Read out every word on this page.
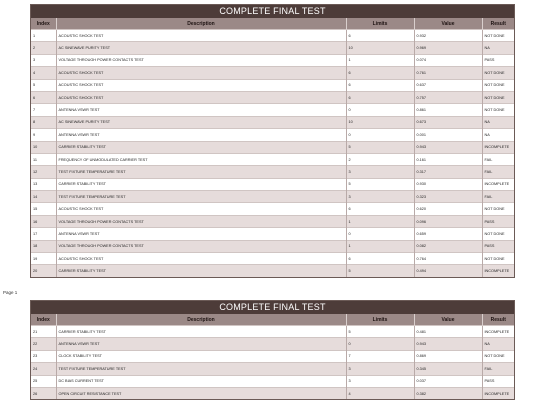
COMPLETE FINAL TEST
Index	Description	Limits	Value	Result
1	ACOUSTIC SHOCK TEST	6	0.932	NOT DONE
2	AC SINEWAVE PURITY TEST	10	0.969	NA
3	VOLTAGE THROUGH POWER CONTACTS TEST	1	0.074	PASS
4	ACOUSTIC SHOCK TEST	6	0.761	NOT DONE
5	ACOUSTIC SHOCK TEST	6	0.637	NOT DONE
6	ACOUSTIC SHOCK TEST	6	0.757	NOT DONE
7	ANTENNA VSWR TEST	0	0.861	NOT DONE
8	AC SINEWAVE PURITY TEST	10	0.673	NA
9	ANTENNA VSWR TEST	0	0.001	NA
10	CARRIER STABILITY TEST	5	0.943	INCOMPLETE
11	FREQUENCY OF UNMODULATED CARRIER TEST	2	0.161	FAIL
12	TEST FIXTURE TEMPERATURE TEST	3	0.317	FAIL
13	CARRIER STABILITY TEST	5	0.930	INCOMPLETE
14	TEST FIXTURE TEMPERATURE TEST	3	0.323	FAIL
15	ACOUSTIC SHOCK TEST	6	0.620	NOT DONE
16	VOLTAGE THROUGH POWER CONTACTS TEST	1	0.096	PASS
17	ANTENNA VSWR TEST	0	0.659	NOT DONE
18	VOLTAGE THROUGH POWER CONTACTS TEST	1	0.082	PASS
19	ACOUSTIC SHOCK TEST	6	0.764	NOT DONE
20	CARRIER STABILITY TEST	5	0.494	INCOMPLETE
Page 1
COMPLETE FINAL TEST
Index	Description	Limits	Value	Result
21	CARRIER STABILITY TEST	5	0.481	INCOMPLETE
22	ANTENNA VSWR TEST	0	0.943	NA
23	CLOCK STABILITY TEST	7	0.869	NOT DONE
24	TEST FIXTURE TEMPERATURE TEST	3	0.345	FAIL
25	DC BIAS CURRENT TEST	3	0.037	PASS
26	OPEN CIRCUIT RESISTANCE TEST	4	0.382	INCOMPLETE
